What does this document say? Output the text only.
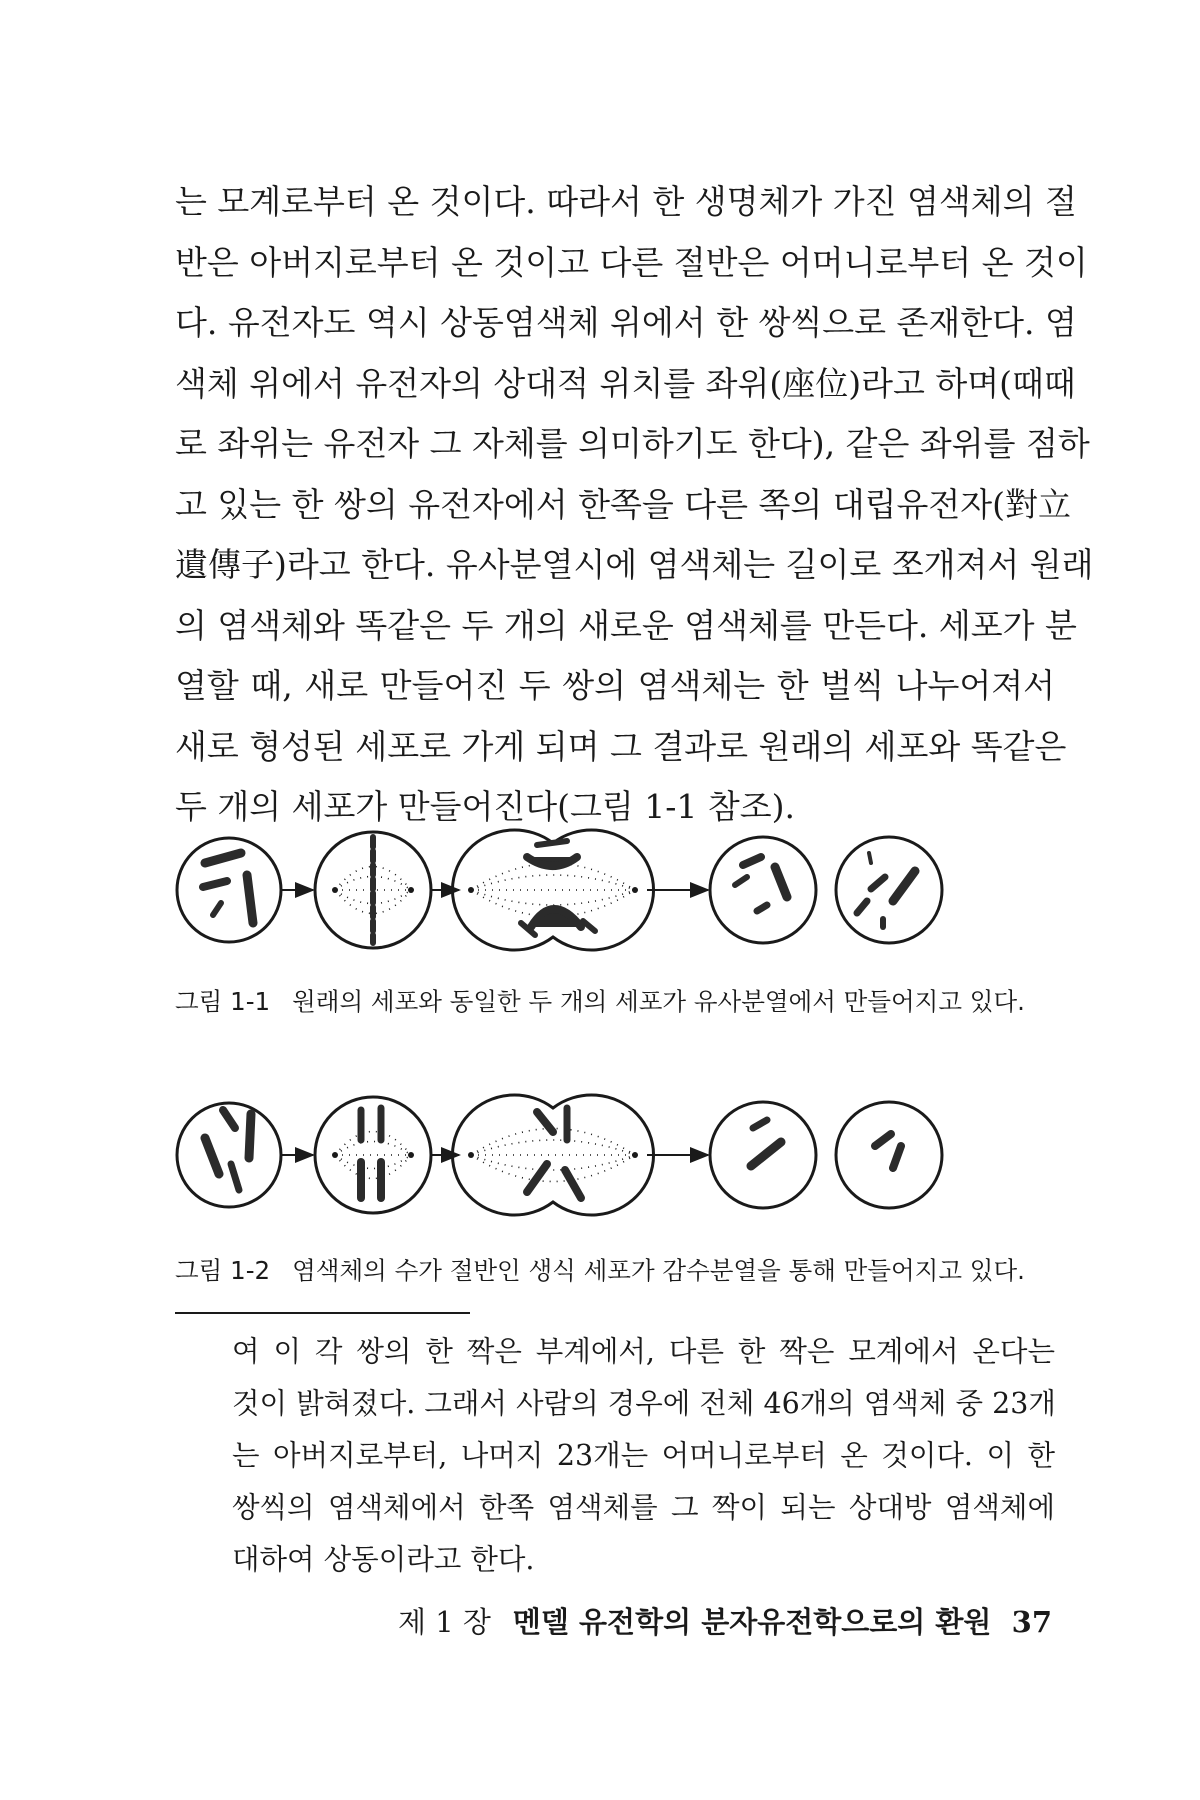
는 모계로부터 온 것이다. 따라서 한 생명체가 가진 염색체의 절
반은 아버지로부터 온 것이고 다른 절반은 어머니로부터 온 것이
다. 유전자도 역시 상동염색체 위에서 한 쌍씩으로 존재한다. 염
색체 위에서 유전자의 상대적 위치를 좌위(座位)라고 하며(때때
로 좌위는 유전자 그 자체를 의미하기도 한다), 같은 좌위를 점하
고 있는 한 쌍의 유전자에서 한쪽을 다른 쪽의 대립유전자(對立
遺傳子)라고 한다. 유사분열시에 염색체는 길이로 쪼개져서 원래
의 염색체와 똑같은 두 개의 새로운 염색체를 만든다. 세포가 분
열할 때, 새로 만들어진 두 쌍의 염색체는 한 벌씩 나누어져서
새로 형성된 세포로 가게 되며 그 결과로 원래의 세포와 똑같은
두 개의 세포가 만들어진다(그림 1-1 참조).
그림 1-1 원래의 세포와 동일한 두 개의 세포가 유사분열에서 만들어지고 있다.
그림 1-2 염색체의 수가 절반인 생식 세포가 감수분열을 통해 만들어지고 있다.
여 이 각 쌍의 한 짝은 부계에서, 다른 한 짝은 모계에서 온다는
것이 밝혀졌다. 그래서 사람의 경우에 전체 46개의 염색체 중 23개
는 아버지로부터, 나머지 23개는 어머니로부터 온 것이다. 이 한
쌍씩의 염색체에서 한쪽 염색체를 그 짝이 되는 상대방 염색체에
대하여 상동이라고 한다.
제 1 장 멘델 유전학의 분자유전학으로의 환원 37
